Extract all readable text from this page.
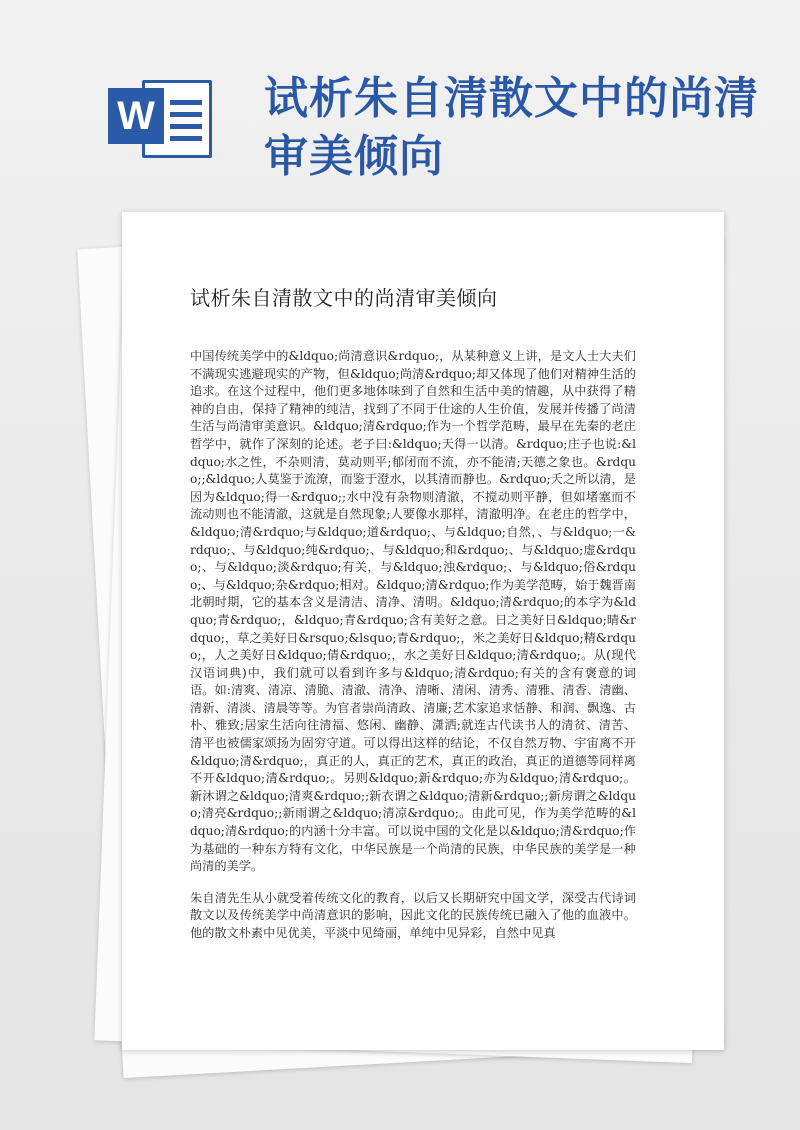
W 试析朱自清散文中的尚清审美倾向
试析朱自清散文中的尚清审美倾向

中国传统美学中的&ldquo;尚清意识&rdquo;，从某种意义上讲，是文人士大夫们不满现实逃避现实的产物，但&ldquo;尚清&rdquo;却又体现了他们对精神生活的追求。在这个过程中，他们更多地体味到了自然和生活中美的情趣，从中获得了精神的自由，保持了精神的纯洁，找到了不同于仕途的人生价值，发展并传播了尚清生活与尚清审美意识。&ldquo;清&rdquo;作为一个哲学范畴，最早在先秦的老庄哲学中，就作了深刻的论述。老子曰:&ldquo;天得一以清。&rdquo;庄子也说:&ldquo;水之性，不杂则清，莫动则平;郁闭而不流，亦不能清;天德之象也。&rdquo;;&ldquo;人莫鉴于流潦，而鉴于澄水，以其清而静也。&rdquo;夭之所以清，是因为&ldquo;得一&rdquo;;水中没有杂物则清澈，不搅动则平静，但如堵塞而不流动则也不能清澈，这就是自然现象;人要像水那样，清澈明净。在老庄的哲学中，&ldquo;清&rdquo;与&ldquo;道&rdquo;、与&ldquo;自然，、与&ldquo;一&rdquo;、与&ldquo;纯&rdquo;、与&ldquo;和&rdquo;、与&ldquo;虚&rdquo;、与&ldquo;淡&rdquo;有关，与&ldquo;浊&rdquo;、与&ldquo;俗&rdquo;、与&ldquo;杂&rdquo;相对。&ldquo;清&rdquo;作为美学范畴，始于魏晋南北朝时期，它的基本含义是清洁、清净、清明。&ldquo;清&rdquo;的本字为&ldquo;青&rdquo;，&ldquo;青&rdquo;含有美好之意。日之美好日&ldquo;晴&rdquo;，草之美好日&rsquo;&lsquo;青&rdquo;，米之美好日&ldquo;精&rdquo;，人之美好日&ldquo;倩&rdquo;，水之美好日&ldquo;清&rdquo;。从(现代汉语词典)中，我们就可以看到许多与&ldquo;清&rdquo;有关的含有褒意的词语。如:清爽、清凉、清脆、清澈、清净、清晰、清闲、清秀、清雅、清香、清幽、清新、清淡、清晨等等。为官者崇尚清政、清廉;艺术家追求恬静、和润、飘逸、古朴、雅致;居家生活向往清福、悠闲、幽静、潇洒;就连古代读书人的清贫、清苦、清平也被儒家颂扬为固穷守道。可以得出这样的结论，不仅自然万物、宇宙离不开&ldquo;清&rdquo;，真正的人，真正的艺术，真正的政治，真正的道德等同样离不开&ldquo;清&rdquo;。另则&ldquo;新&rdquo;亦为&ldquo;清&rdquo;。新沐谓之&ldquo;清爽&rdquo;;新衣谓之&ldquo;清新&rdquo;;新房谓之&ldquo;清亮&rdquo;;新雨谓之&ldquo;清凉&rdquo;。由此可见，作为美学范畴的&ldquo;清&rdquo;的内涵十分丰富。可以说中国的文化是以&ldquo;清&rdquo;作为基础的一种东方特有文化，中华民族是一个尚清的民族，中华民族的美学是一种尚清的美学。

朱自清先生从小就受着传统文化的教育，以后又长期研究中国文学，深受古代诗词散文以及传统美学中尚清意识的影响，因此文化的民族传统已融入了他的血液中。他的散文朴素中见优美，平淡中见绮丽，单纯中见异彩，自然中见真
